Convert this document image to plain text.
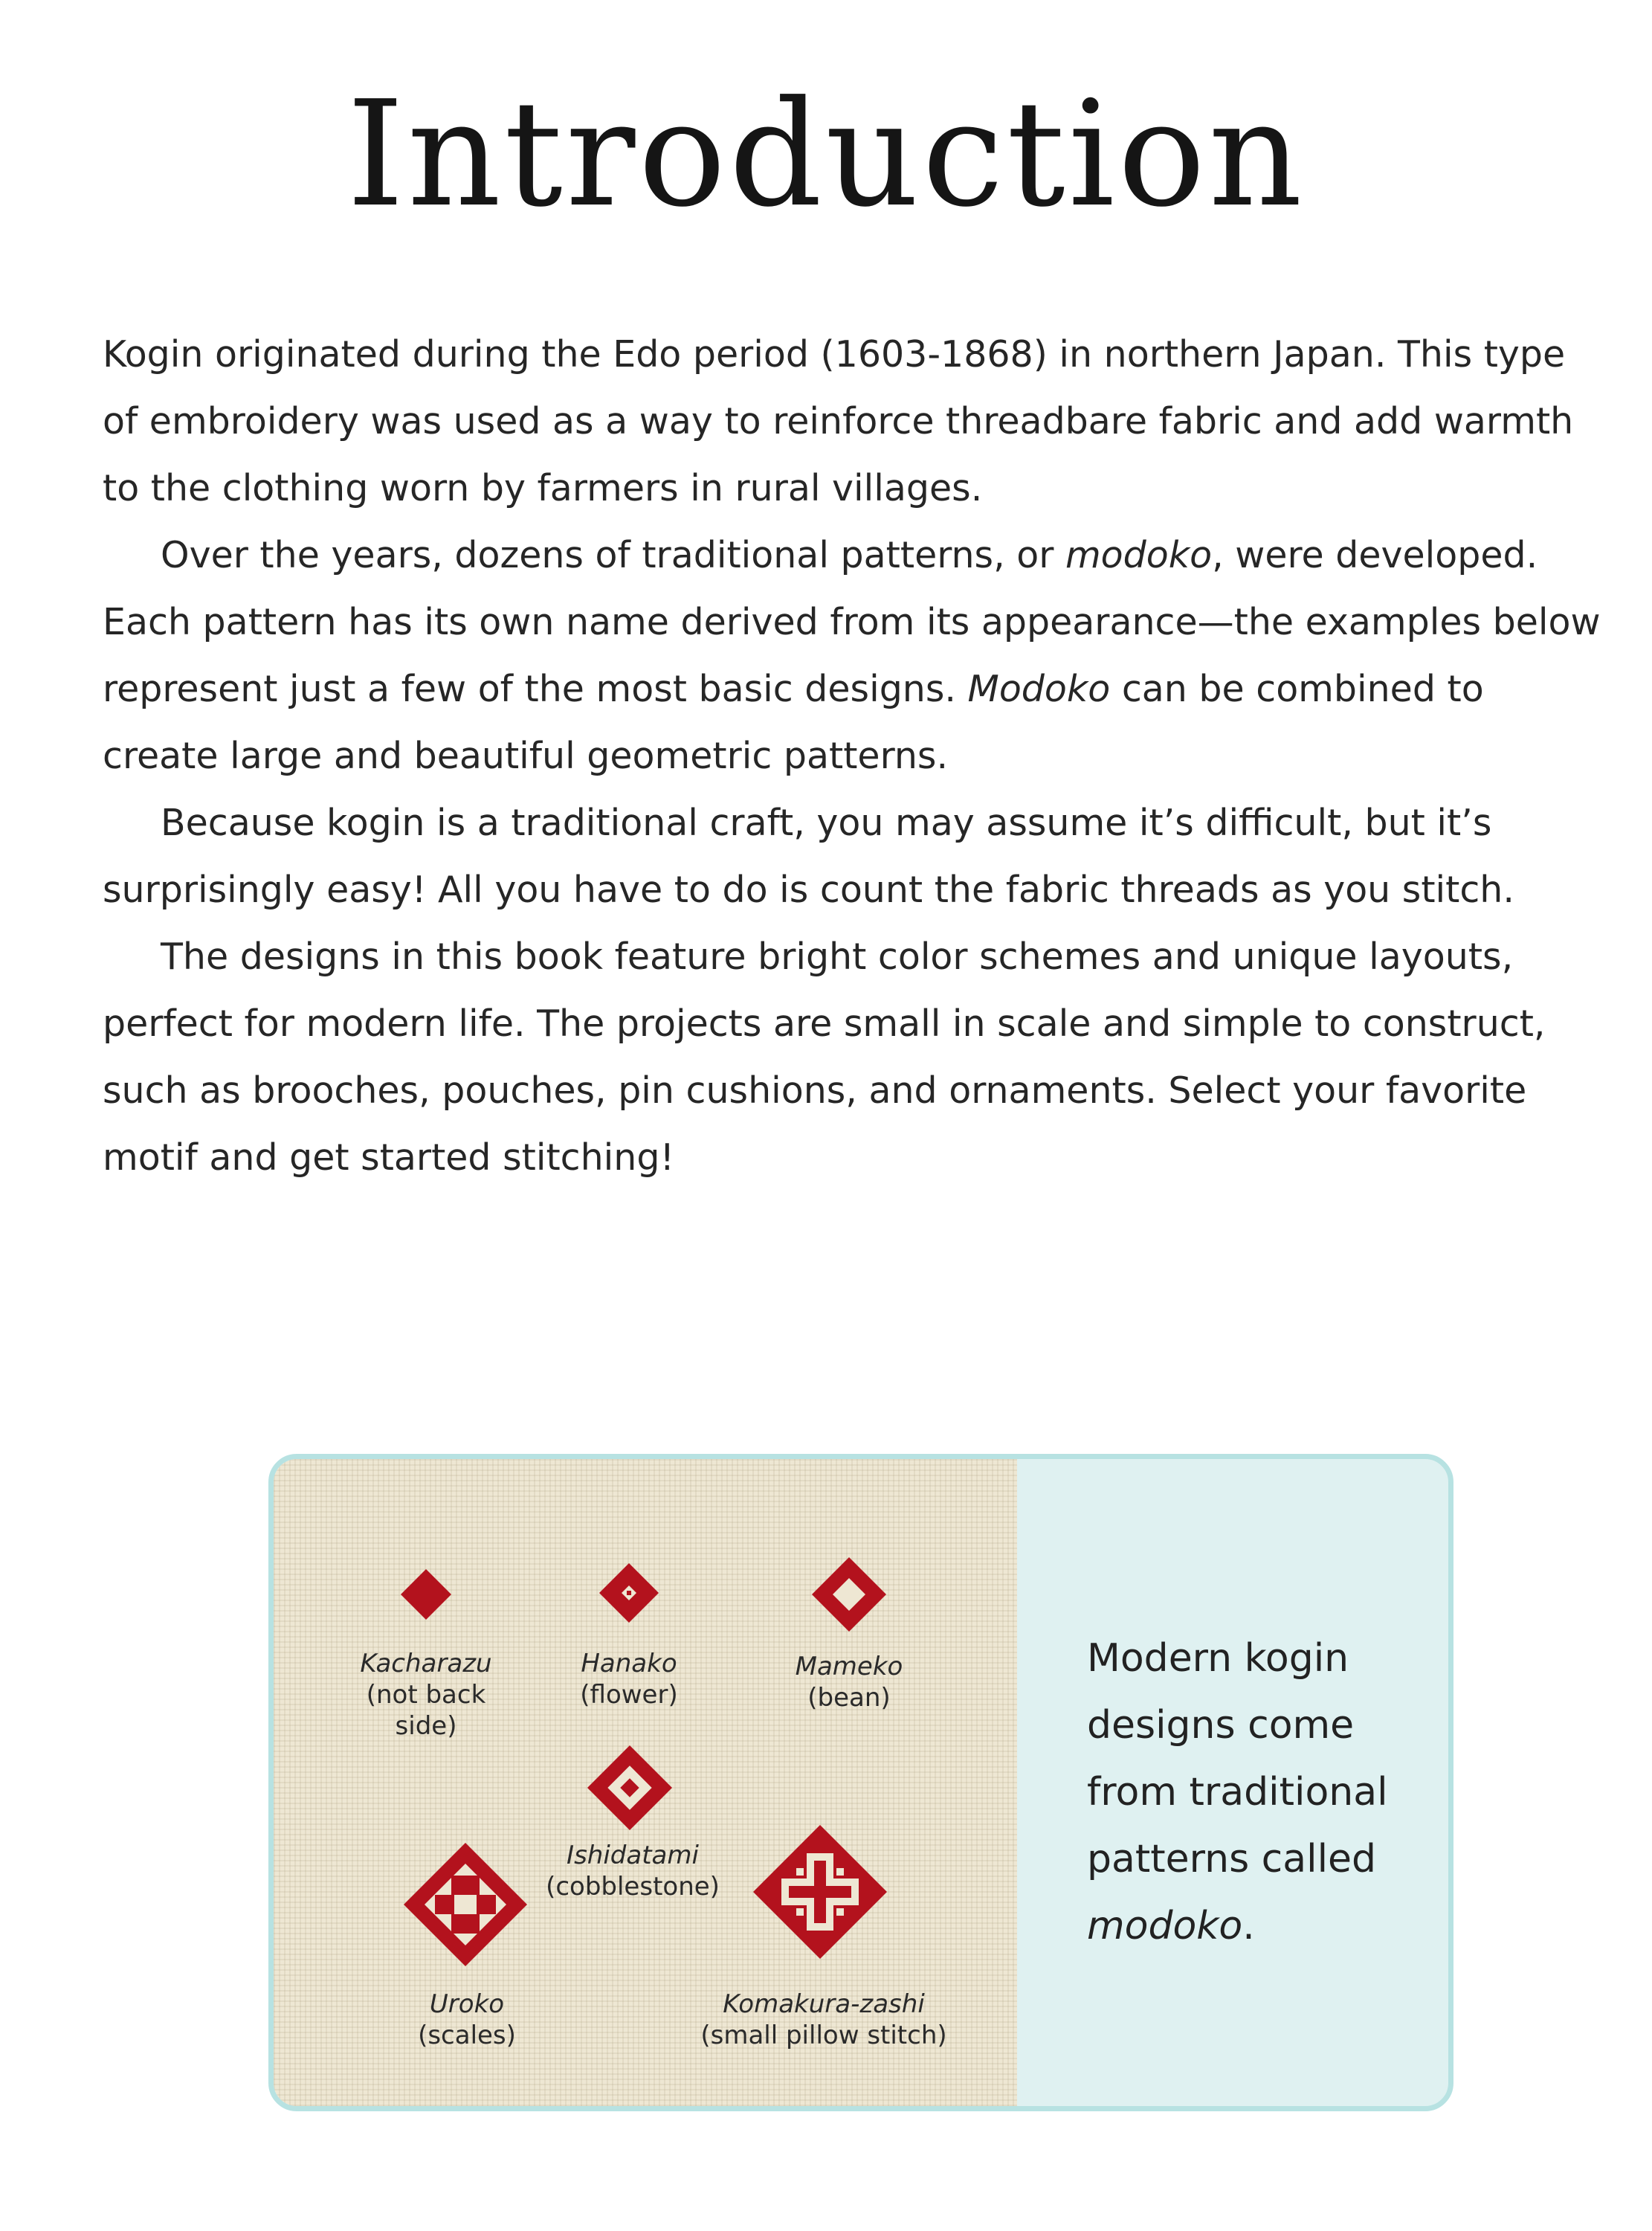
Introduction

Kogin originated during the Edo period (1603-1868) in northern Japan. This type of embroidery was used as a way to reinforce threadbare fabric and add warmth to the clothing worn by farmers in rural villages.

Over the years, dozens of traditional patterns, or modoko, were developed. Each pattern has its own name derived from its appearance—the examples below represent just a few of the most basic designs. Modoko can be combined to create large and beautiful geometric patterns.

Because kogin is a traditional craft, you may assume it’s difficult, but it’s surprisingly easy! All you have to do is count the fabric threads as you stitch.

The designs in this book feature bright color schemes and unique layouts, perfect for modern life. The projects are small in scale and simple to construct, such as brooches, pouches, pin cushions, and ornaments. Select your favorite motif and get started stitching!

Kacharazu
(not back side)
Hanako
(flower)
Mameko
(bean)
Ishidatami
(cobblestone)
Uroko
(scales)
Komakura-zashi
(small pillow stitch)
Modern kogin designs come from traditional patterns called modoko.
